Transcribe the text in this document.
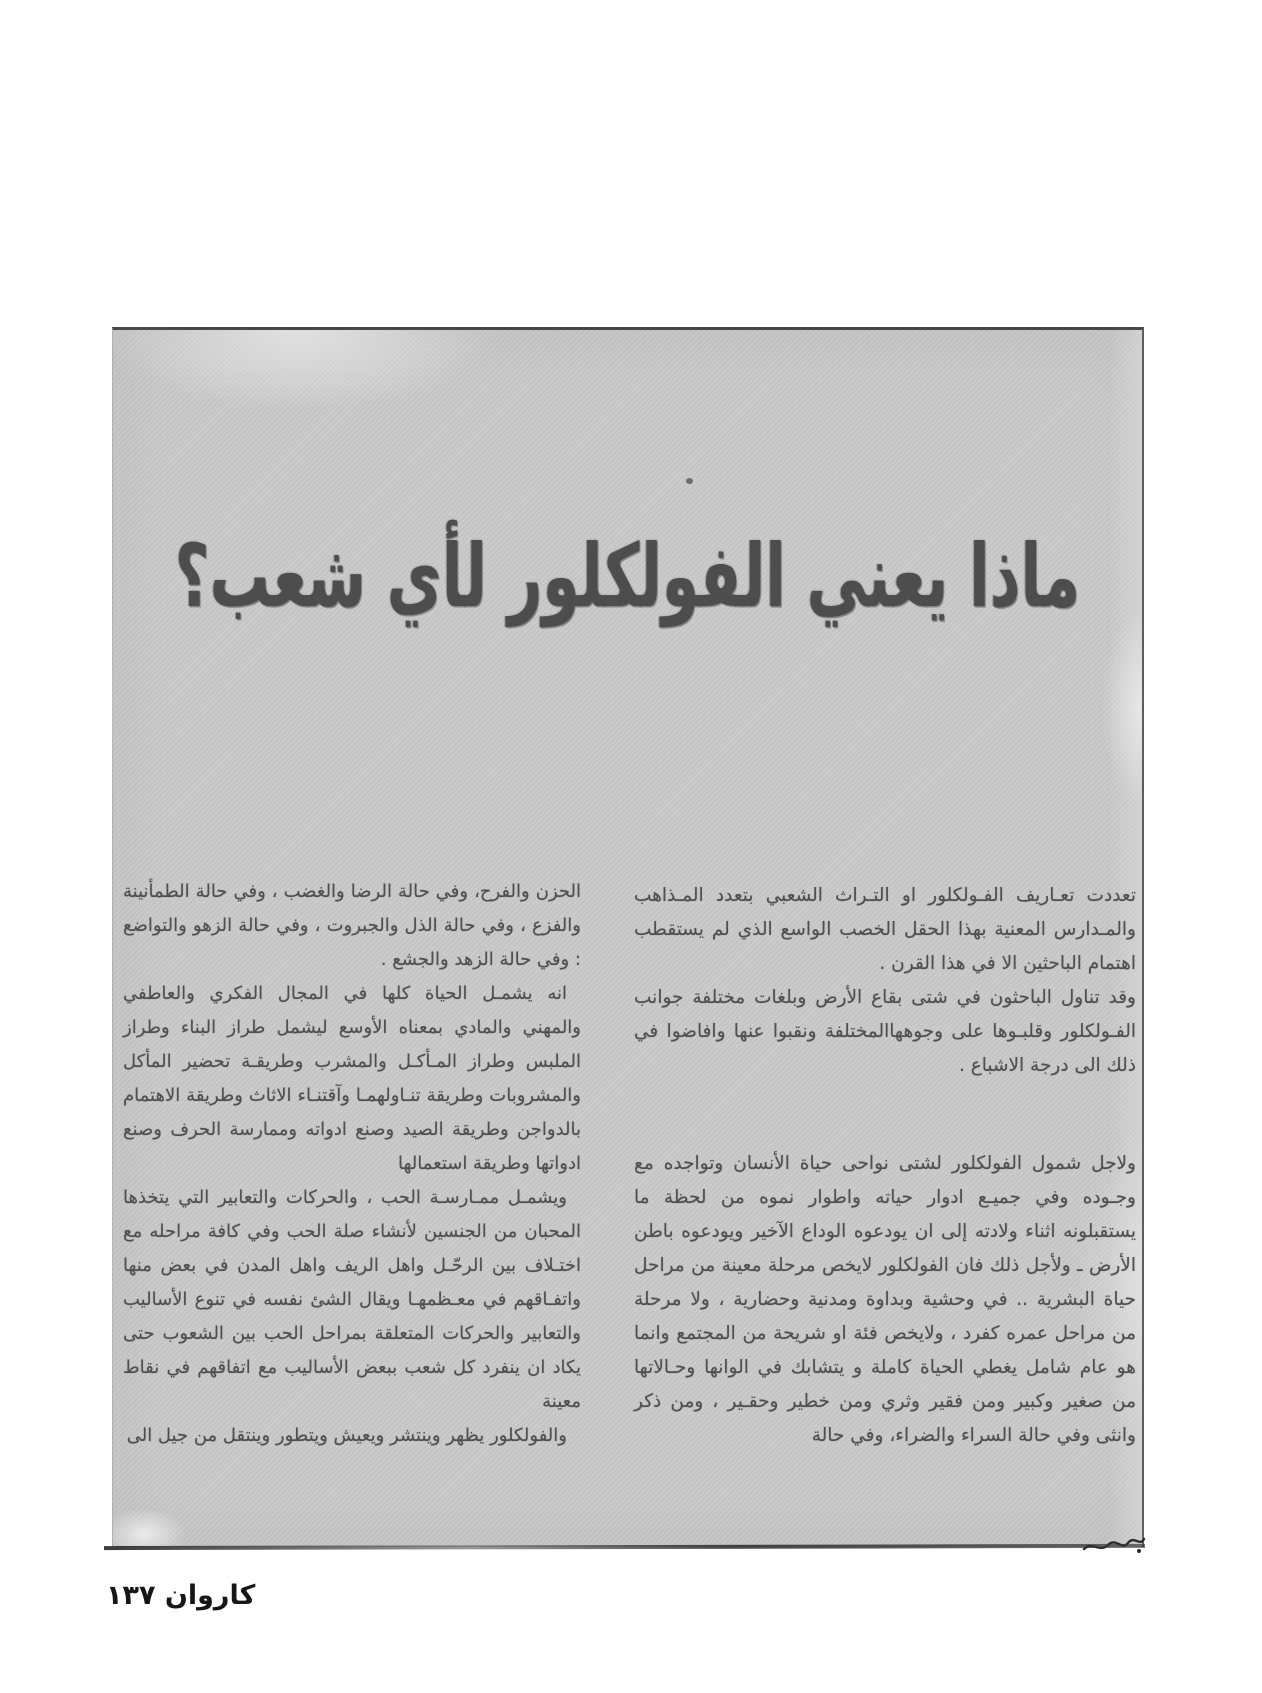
ماذا يعني الفولكلور لأي شعب؟

تعددت تعـاريف الفـولكلور او التـراث الشعبي بتعدد المـذاهب والمـدارس المعنية بهذا الحقل الخصب الواسع الذي لم يستقطب اهتمام الباحثين الا في هذا القرن .

وقد تناول الباحثون في شتى بقاع الأرض وبلغات مختلفة جوانب الفـولكلور وقلبـوها على وجوههاالمختلفة ونقبوا عنها وافاضوا في ذلك الى درجة الاشباع .

ولاجل شمول الفولكلور لشتى نواحى حياة الأنسان وتواجده مع وجـوده وفي جميـع ادوار حياته واطوار نموه من لحظة ما يستقبلونه اثناء ولادته إلى ان يودعوه الوداع الآخير ويودعوه باطن الأرض ـ ولأجل ذلك فان الفولكلور لايخص مرحلة معينة من مراحل حياة البشرية .. في وحشية وبداوة ومدنية وحضارية ، ولا مرحلة من مراحل عمره كفرد ، ولايخص فئة او شريحة من المجتمع وانما هو عام شامل يغطي الحياة كاملة و يتشابك في الوانها وحـالاتها من صغير وكبير ومن فقير وثري ومن خطير وحقـير ، ومن ذكر وانثى وفي حالة السراء والضراء، وفي حالة

الحزن والفرح، وفي حالة الرضا والغضب ، وفي حالة الطمأنينة والفزع ، وفي حالة الذل والجبروت ، وفي حالة الزهو والتواضع : وفي حالة الزهد والجشع .

انه يشمـل الحياة كلها في المجال الفكري والعاطفي والمهني والمادي بمعناه الأوسع ليشمل طراز البناء وطراز الملبس وطراز المـأكـل والمشرب وطريقـة تحضير المأكل والمشروبات وطريقة تنـاولهمـا وآقتنـاء الاثاث وطريقة الاهتمام بالدواجن وطريقة الصيد وصنع ادواته وممارسة الحرف وصنع ادواتها وطريقة استعمالها

ويشمـل ممـارسـة الحب ، والحركات والتعابير التي يتخذها المحبان من الجنسين لأنشاء صلة الحب وفي كافة مراحله مع اختـلاف بين الرحّـل واهل الريف واهل المدن في بعض منها واتفـاقهم في معـظمهـا ويقال الشئ نفسه في تنوع الأساليب والتعابير والحركات المتعلقة بمراحل الحب بين الشعوب حتى يكاد ان ينفرد كل شعب ببعض الأساليب مع اتفاقهم في نقاط معينة

والفولكلور يظهر وينتشر ويعيش ويتطور وينتقل من جيل الى

كاروان ١٣٧
